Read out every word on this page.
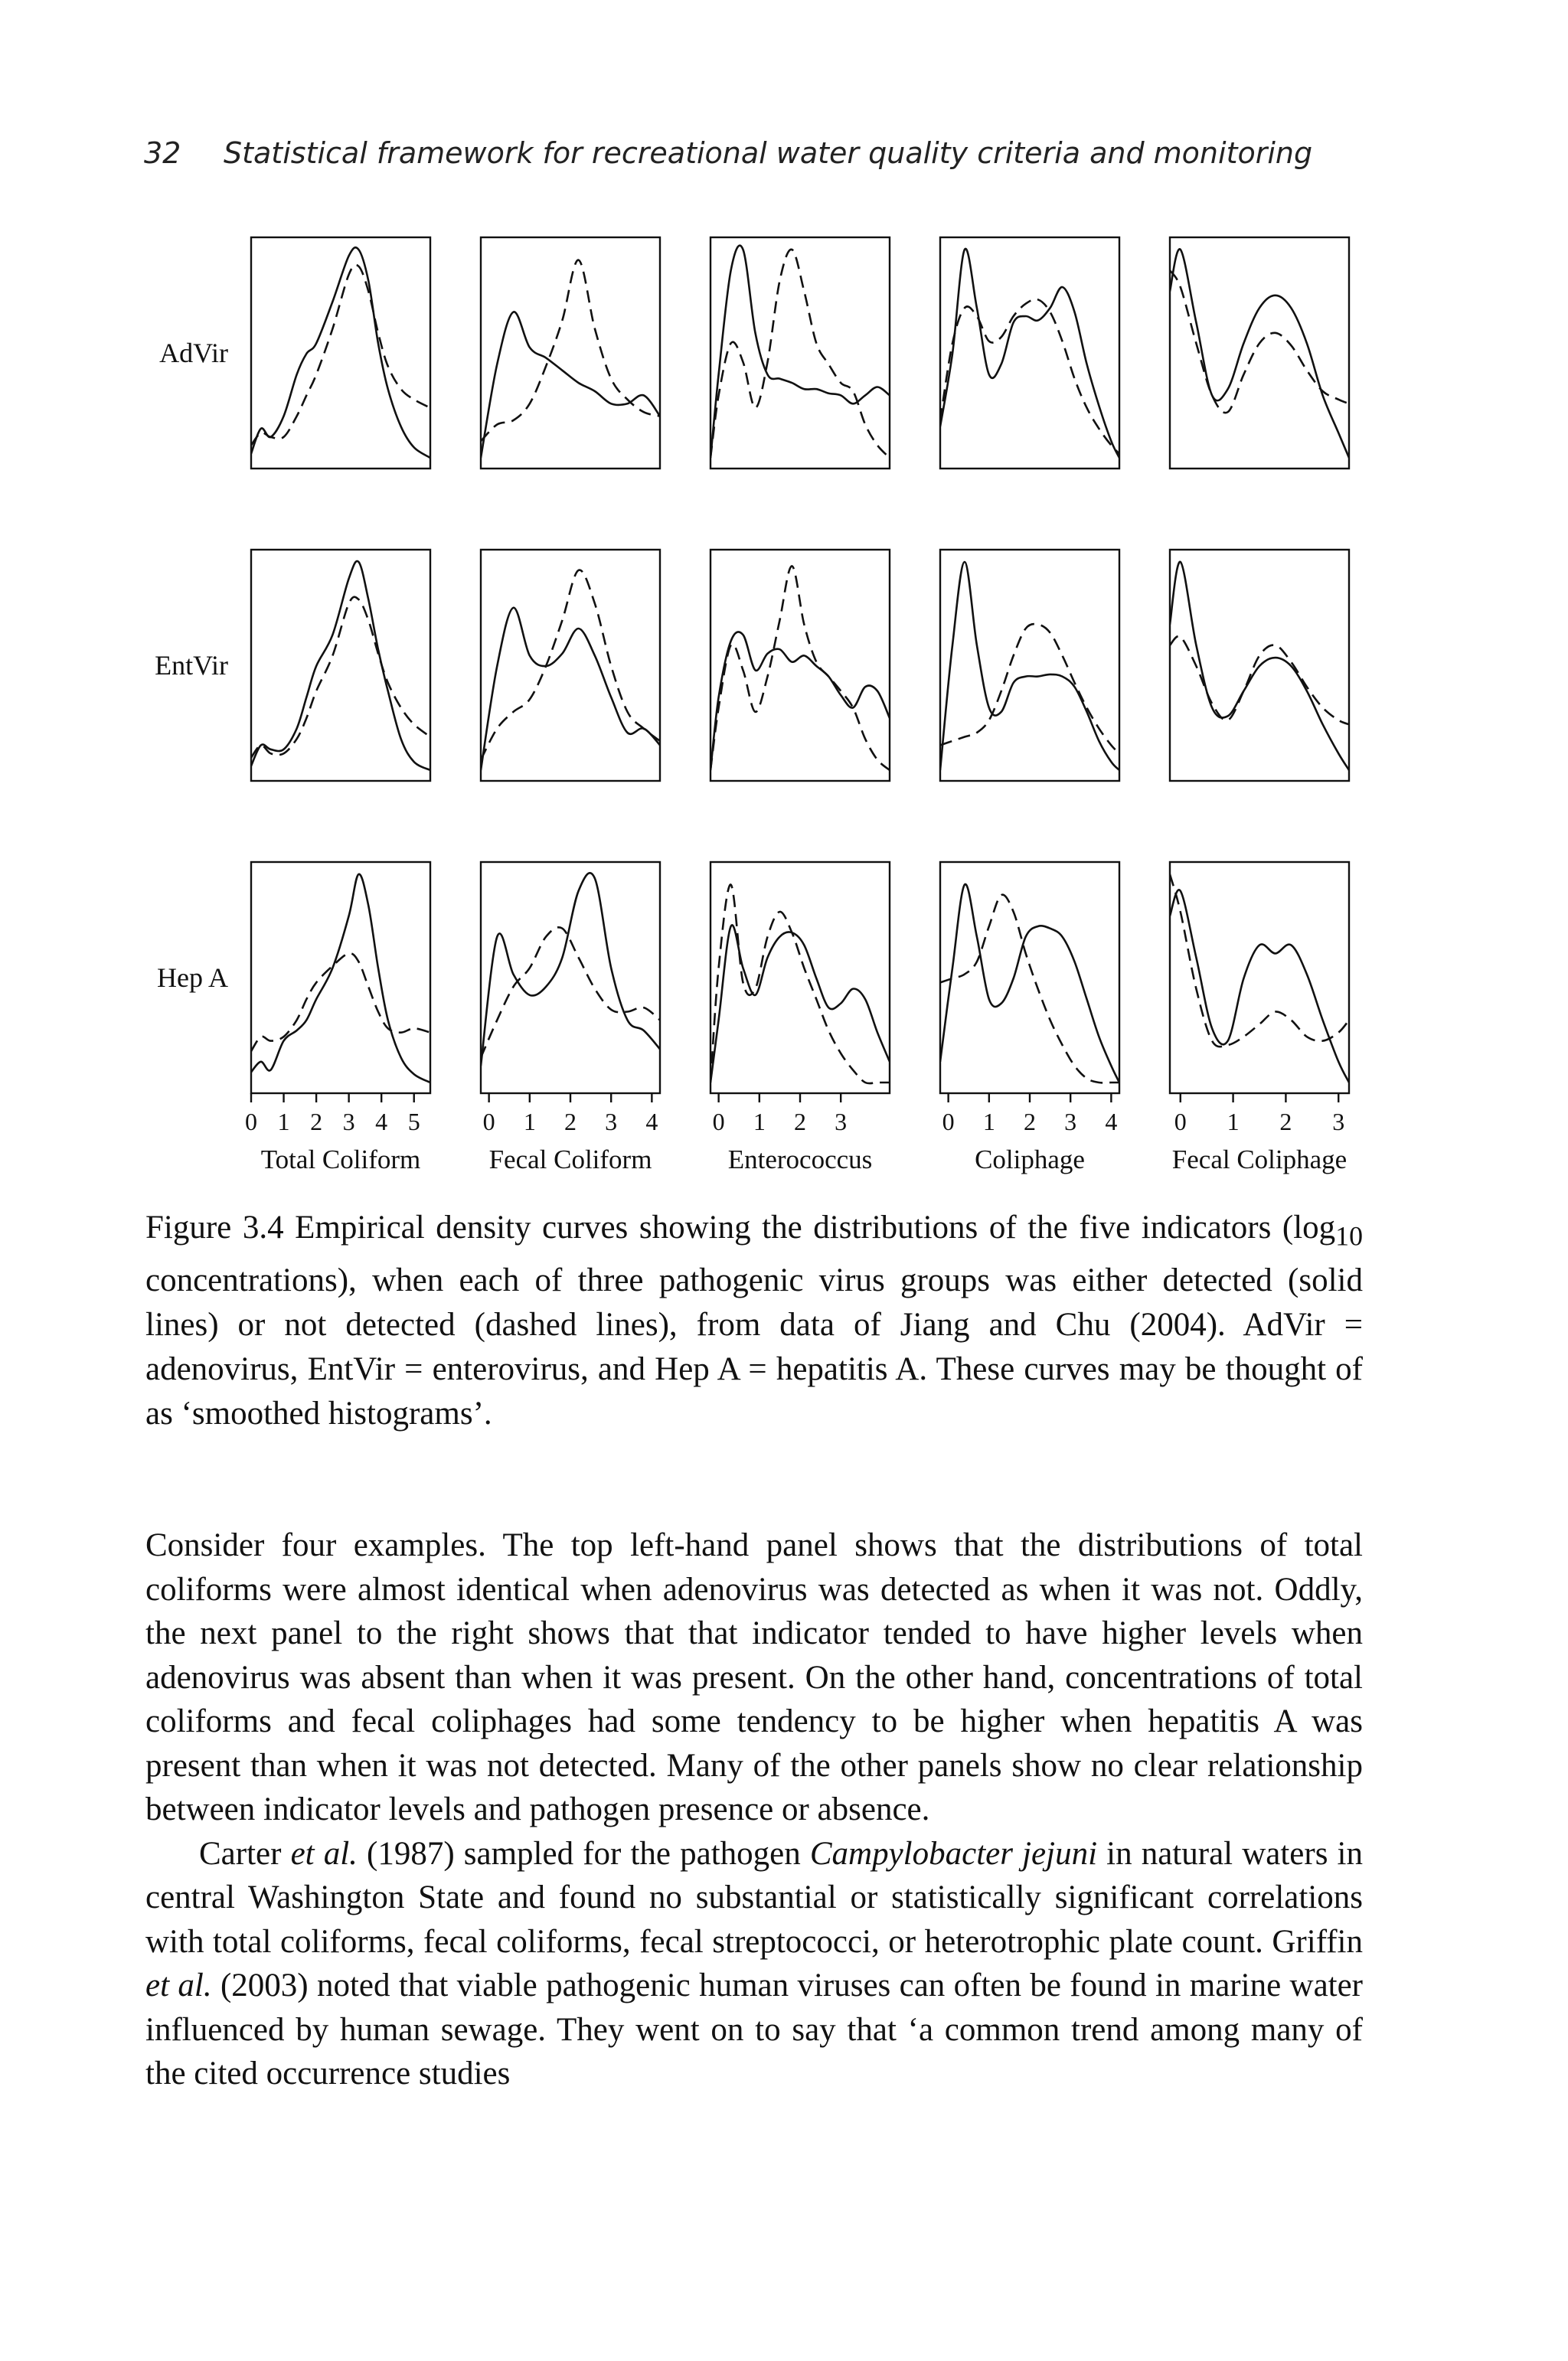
32 Statistical framework for recreational water quality criteria and monitoring
AdVir
EntVir
Hep A
0 1 2 3 4 5
Total Coliform
0 1 2 3 4
Fecal Coliform
0 1 2 3
Enterococcus
0 1 2 3 4
Coliphage
0 1 2 3
Fecal Coliphage
Figure 3.4 Empirical density curves showing the distributions of the five indicators ($\log_{10}$ concentrations), when each of three pathogenic virus groups was either detected (solid lines) or not detected (dashed lines), from data of Jiang and Chu (2004). AdVir = adenovirus, EntVir = enterovirus, and Hep A = hepatitis A. These curves may be thought of as ‘smoothed histograms’.

Consider four examples. The top left-hand panel shows that the distributions of total coliforms were almost identical when adenovirus was detected as when it was not. Oddly, the next panel to the right shows that that indicator tended to have higher levels when adenovirus was absent than when it was present. On the other hand, concentrations of total coliforms and fecal coliphages had some tendency to be higher when hepatitis A was present than when it was not detected. Many of the other panels show no clear relationship between indicator levels and pathogen presence or absence.

Carter et al. (1987) sampled for the pathogen Campylobacter jejuni in natural waters in central Washington State and found no substantial or statistically significant correlations with total coliforms, fecal coliforms, fecal streptococci, or heterotrophic plate count. Griffin et al. (2003) noted that viable pathogenic human viruses can often be found in marine water influenced by human sewage. They went on to say that ‘a common trend among many of the cited occurrence studies
